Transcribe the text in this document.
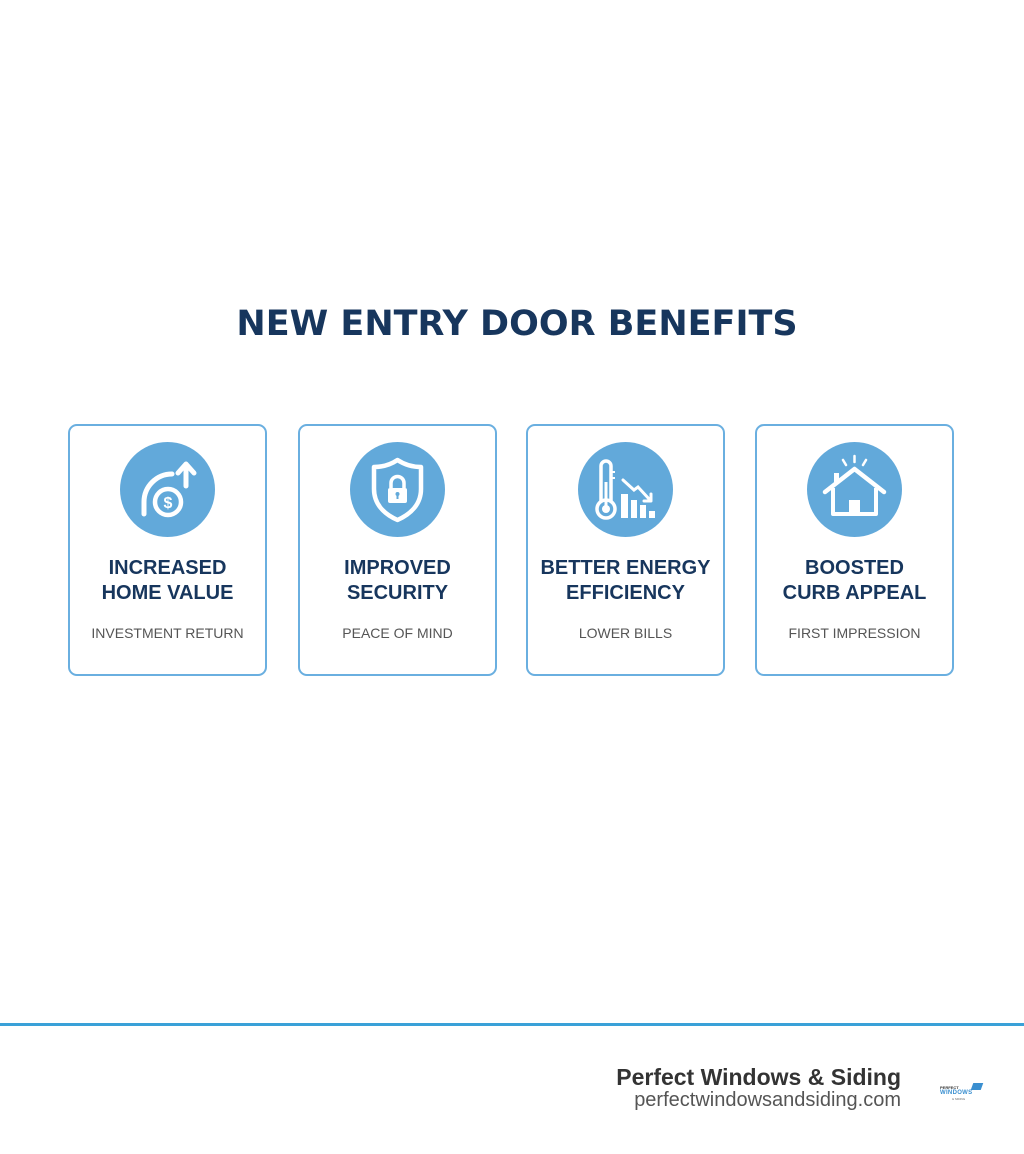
NEW ENTRY DOOR BENEFITS
$
INCREASED
HOME VALUE
INVESTMENT RETURN
IMPROVED
SECURITY
PEACE OF MIND
BETTER ENERGY
EFFICIENCY
LOWER BILLS
BOOSTED
CURB APPEAL
FIRST IMPRESSION
Perfect Windows & Siding
perfectwindowsandsiding.com
PERFECT
WINDOWS
& SIDING
